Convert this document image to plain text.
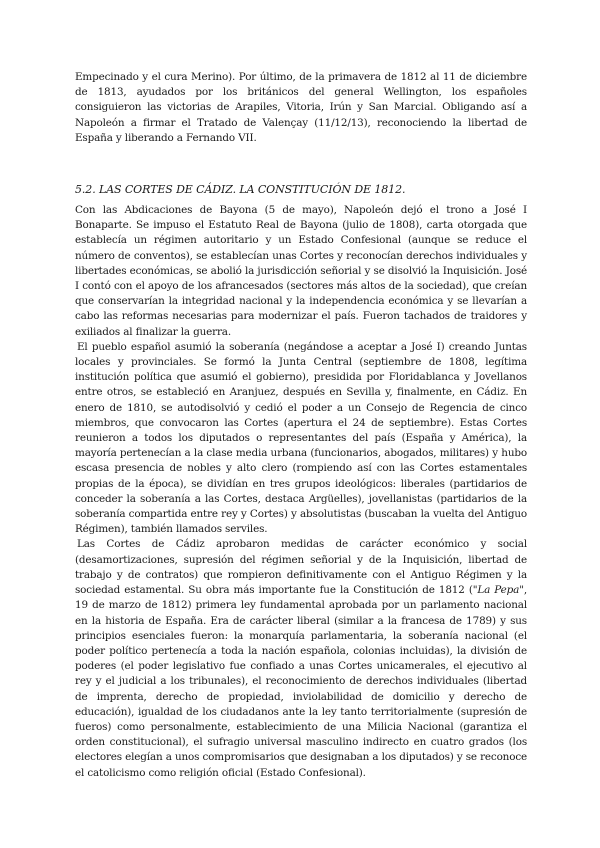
Empecinado y el cura Merino). Por último, de la primavera de 1812 al 11 de diciembre de 1813, ayudados por los británicos del general Wellington, los españoles consiguieron las victorias de Arapiles, Vitoria, Irún y San Marcial. Obligando así a Napoleón a firmar el Tratado de Valençay (11/12/13), reconociendo la libertad de España y liberando a Fernando VII.

5.2. LAS CORTES DE CÁDIZ. LA CONSTITUCIÓN DE 1812.

Con las Abdicaciones de Bayona (5 de mayo), Napoleón dejó el trono a José I Bonaparte. Se impuso el Estatuto Real de Bayona (julio de 1808), carta otorgada que establecía un régimen autoritario y un Estado Confesional (aunque se reduce el número de conventos), se establecían unas Cortes y reconocían derechos individuales y libertades económicas, se abolió la jurisdicción señorial y se disolvió la Inquisición. José I contó con el apoyo de los afrancesados (sectores más altos de la sociedad), que creían que conservarían la integridad nacional y la independencia económica y se llevarían a cabo las reformas necesarias para modernizar el país. Fueron tachados de traidores y exiliados al finalizar la guerra.

El pueblo español asumió la soberanía (negándose a aceptar a José I) creando Juntas locales y provinciales. Se formó la Junta Central (septiembre de 1808, legítima institución política que asumió el gobierno), presidida por Floridablanca y Jovellanos entre otros, se estableció en Aranjuez, después en Sevilla y, finalmente, en Cádiz. En enero de 1810, se autodisolvió y cedió el poder a un Consejo de Regencia de cinco miembros, que convocaron las Cortes (apertura el 24 de septiembre). Estas Cortes reunieron a todos los diputados o representantes del país (España y América), la mayoría pertenecían a la clase media urbana (funcionarios, abogados, militares) y hubo escasa presencia de nobles y alto clero (rompiendo así con las Cortes estamentales propias de la época), se dividían en tres grupos ideológicos: liberales (partidarios de conceder la soberanía a las Cortes, destaca Argüelles), jovellanistas (partidarios de la soberanía compartida entre rey y Cortes) y absolutistas (buscaban la vuelta del Antiguo Régimen), también llamados serviles.

Las Cortes de Cádiz aprobaron medidas de carácter económico y social (desamortizaciones, supresión del régimen señorial y de la Inquisición, libertad de trabajo y de contratos) que rompieron definitivamente con el Antiguo Régimen y la sociedad estamental. Su obra más importante fue la Constitución de 1812 ("La Pepa", 19 de marzo de 1812) primera ley fundamental aprobada por un parlamento nacional en la historia de España. Era de carácter liberal (similar a la francesa de 1789) y sus principios esenciales fueron: la monarquía parlamentaria, la soberanía nacional (el poder político pertenecía a toda la nación española, colonias incluidas), la división de poderes (el poder legislativo fue confiado a unas Cortes unicamerales, el ejecutivo al rey y el judicial a los tribunales), el reconocimiento de derechos individuales (libertad de imprenta, derecho de propiedad, inviolabilidad de domicilio y derecho de educación), igualdad de los ciudadanos ante la ley tanto territorialmente (supresión de fueros) como personalmente, establecimiento de una Milicia Nacional (garantiza el orden constitucional), el sufragio universal masculino indirecto en cuatro grados (los electores elegían a unos compromisarios que designaban a los diputados) y se reconoce el catolicismo como religión oficial (Estado Confesional).
